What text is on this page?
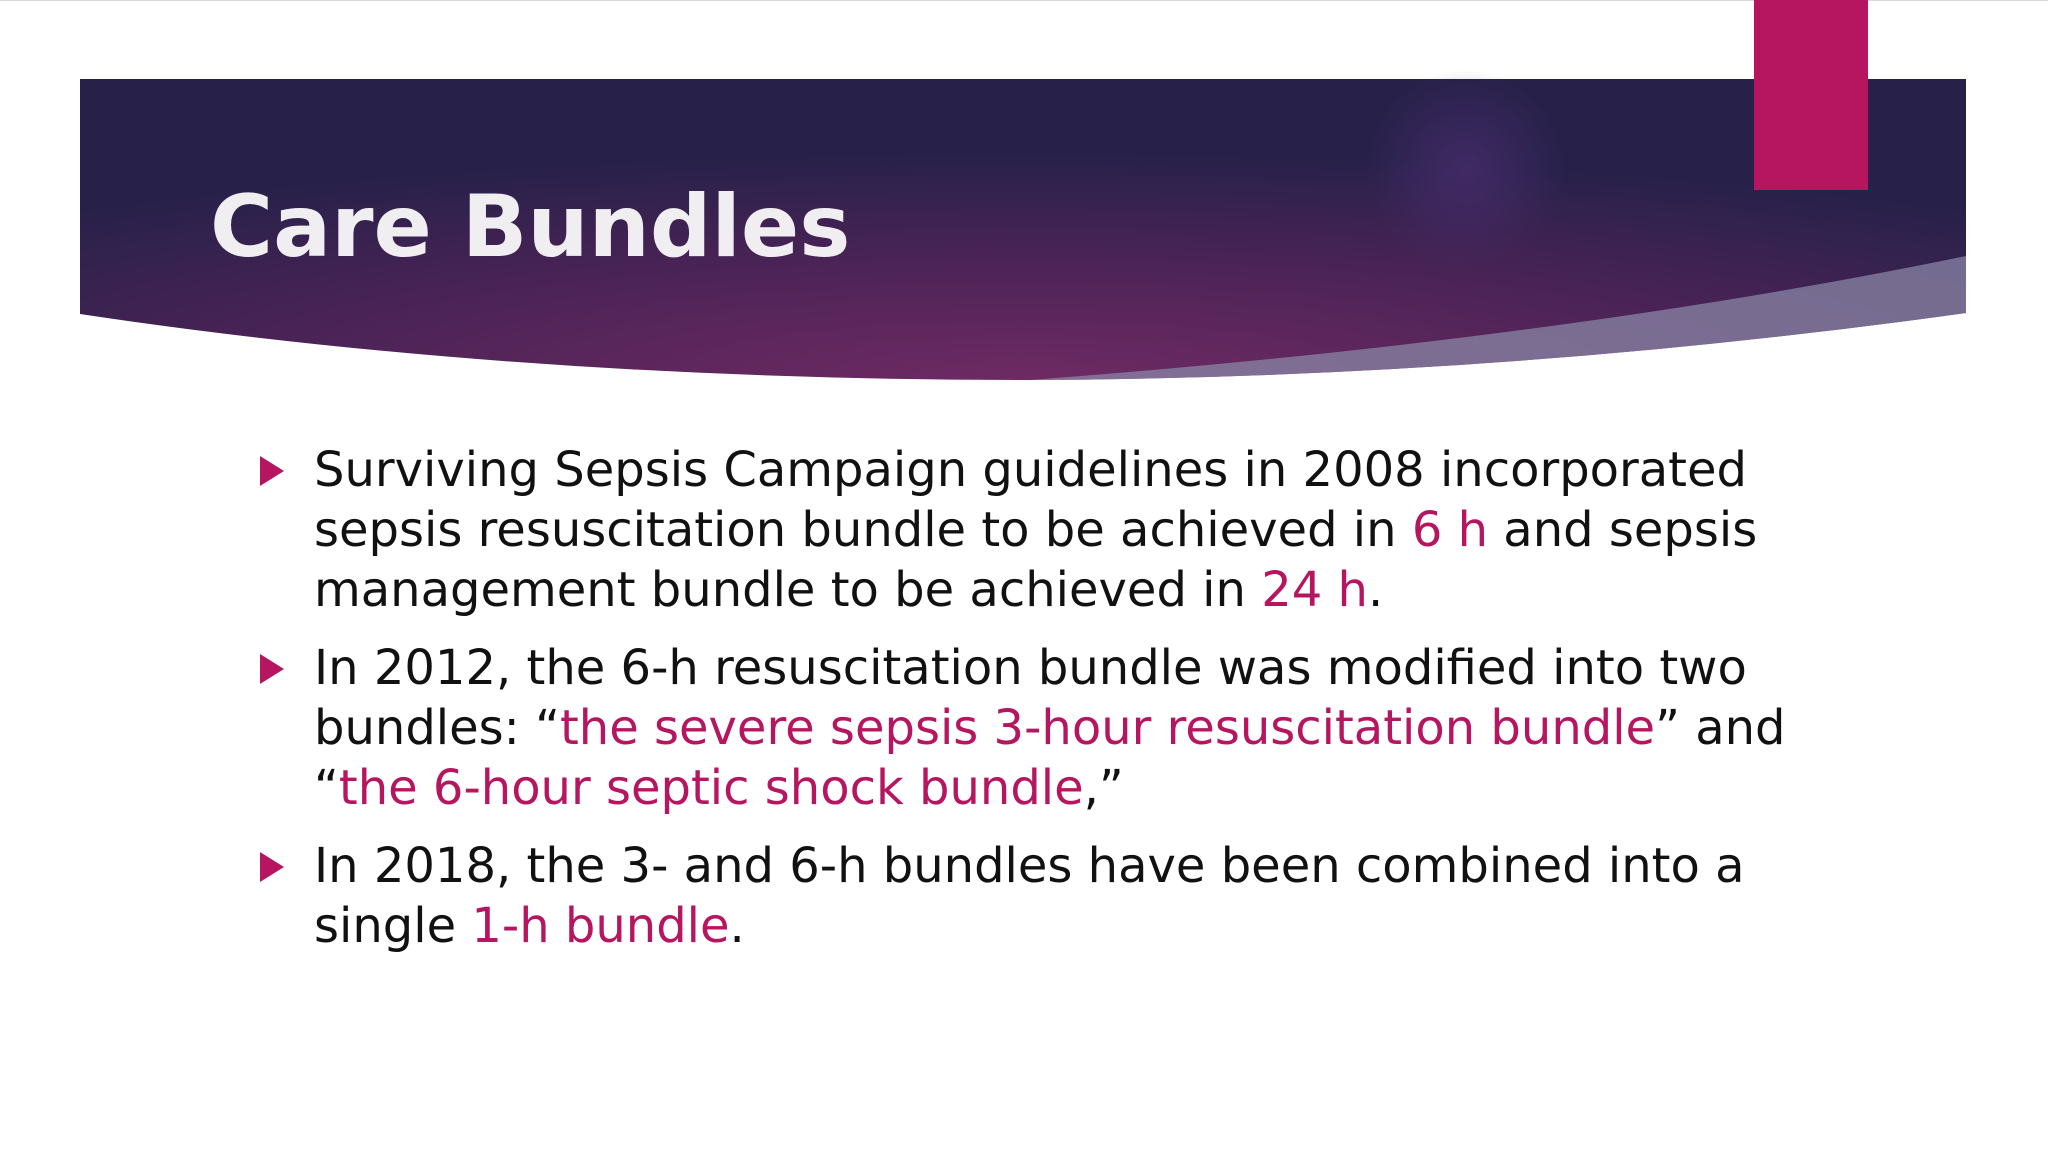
Care Bundles
Surviving Sepsis Campaign guidelines in 2008 incorporated sepsis resuscitation bundle to be achieved in 6 h and sepsis management bundle to be achieved in 24 h.
In 2012, the 6-h resuscitation bundle was modified into two bundles: “the severe sepsis 3-hour resuscitation bundle” and “the 6-hour septic shock bundle,”
In 2018, the 3- and 6-h bundles have been combined into a single 1-h bundle.
